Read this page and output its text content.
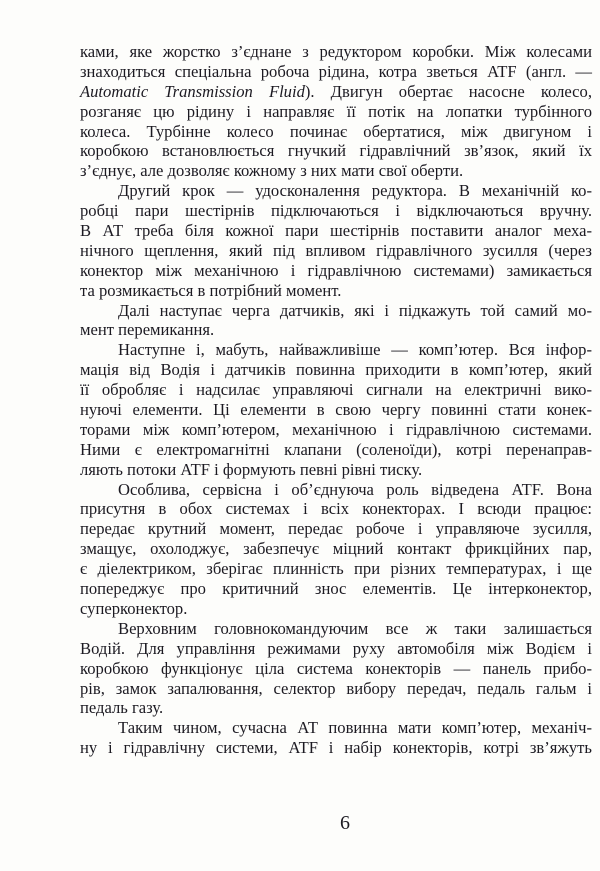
ками, яке жорстко з’єднане з редуктором коробки. Між колесами
знаходиться спеціальна робоча рідина, котра зветься ATF (англ. —
Automatic Transmission Fluid). Двигун обертає насосне колесо,
розганяє цю рідину і направляє її потік на лопатки турбінного
колеса. Турбінне колесо починає обертатися, між двигуном і
коробкою встановлюється гнучкий гідравлічний зв’язок, який їх
з’єднує, але дозволяє кожному з них мати свої оберти.
Другий крок — удосконалення редуктора. В механічній ко-
робці пари шестірнів підключаються і відключаються вручну.
В АТ треба біля кожної пари шестірнів поставити аналог меха-
нічного щеплення, який під впливом гідравлічного зусилля (через
конектор між механічною і гідравлічною системами) замикається
та розмикається в потрібний момент.
Далі наступає черга датчиків, які і підкажуть той самий мо-
мент перемикання.
Наступне і, мабуть, найважливіше — комп’ютер. Вся інфор-
мація від Водія і датчиків повинна приходити в комп’ютер, який
її обробляє і надсилає управляючі сигнали на електричні вико-
нуючі елементи. Ці елементи в свою чергу повинні стати конек-
торами між комп’ютером, механічною і гідравлічною системами.
Ними є електромагнітні клапани (соленоїди), котрі перенаправ-
ляють потоки ATF і формують певні рівні тиску.
Особлива, сервісна і об’єднуюча роль відведена ATF. Вона
присутня в обох системах і всіх конекторах. І всюди працює:
передає крутний момент, передає робоче і управляюче зусилля,
змащує, охолоджує, забезпечує міцний контакт фрикційних пар,
є діелектриком, зберігає плинність при різних температурах, і ще
попереджує про критичний знос елементів. Це інтерконектор,
суперконектор.
Верховним головнокомандуючим все ж таки залишається
Водій. Для управління режимами руху автомобіля між Водієм і
коробкою функціонує ціла система конекторів — панель прибо-
рів, замок запалювання, селектор вибору передач, педаль гальм і
педаль газу.
Таким чином, сучасна АТ повинна мати комп’ютер, механіч-
ну і гідравлічну системи, ATF і набір конекторів, котрі зв’яжуть
6
